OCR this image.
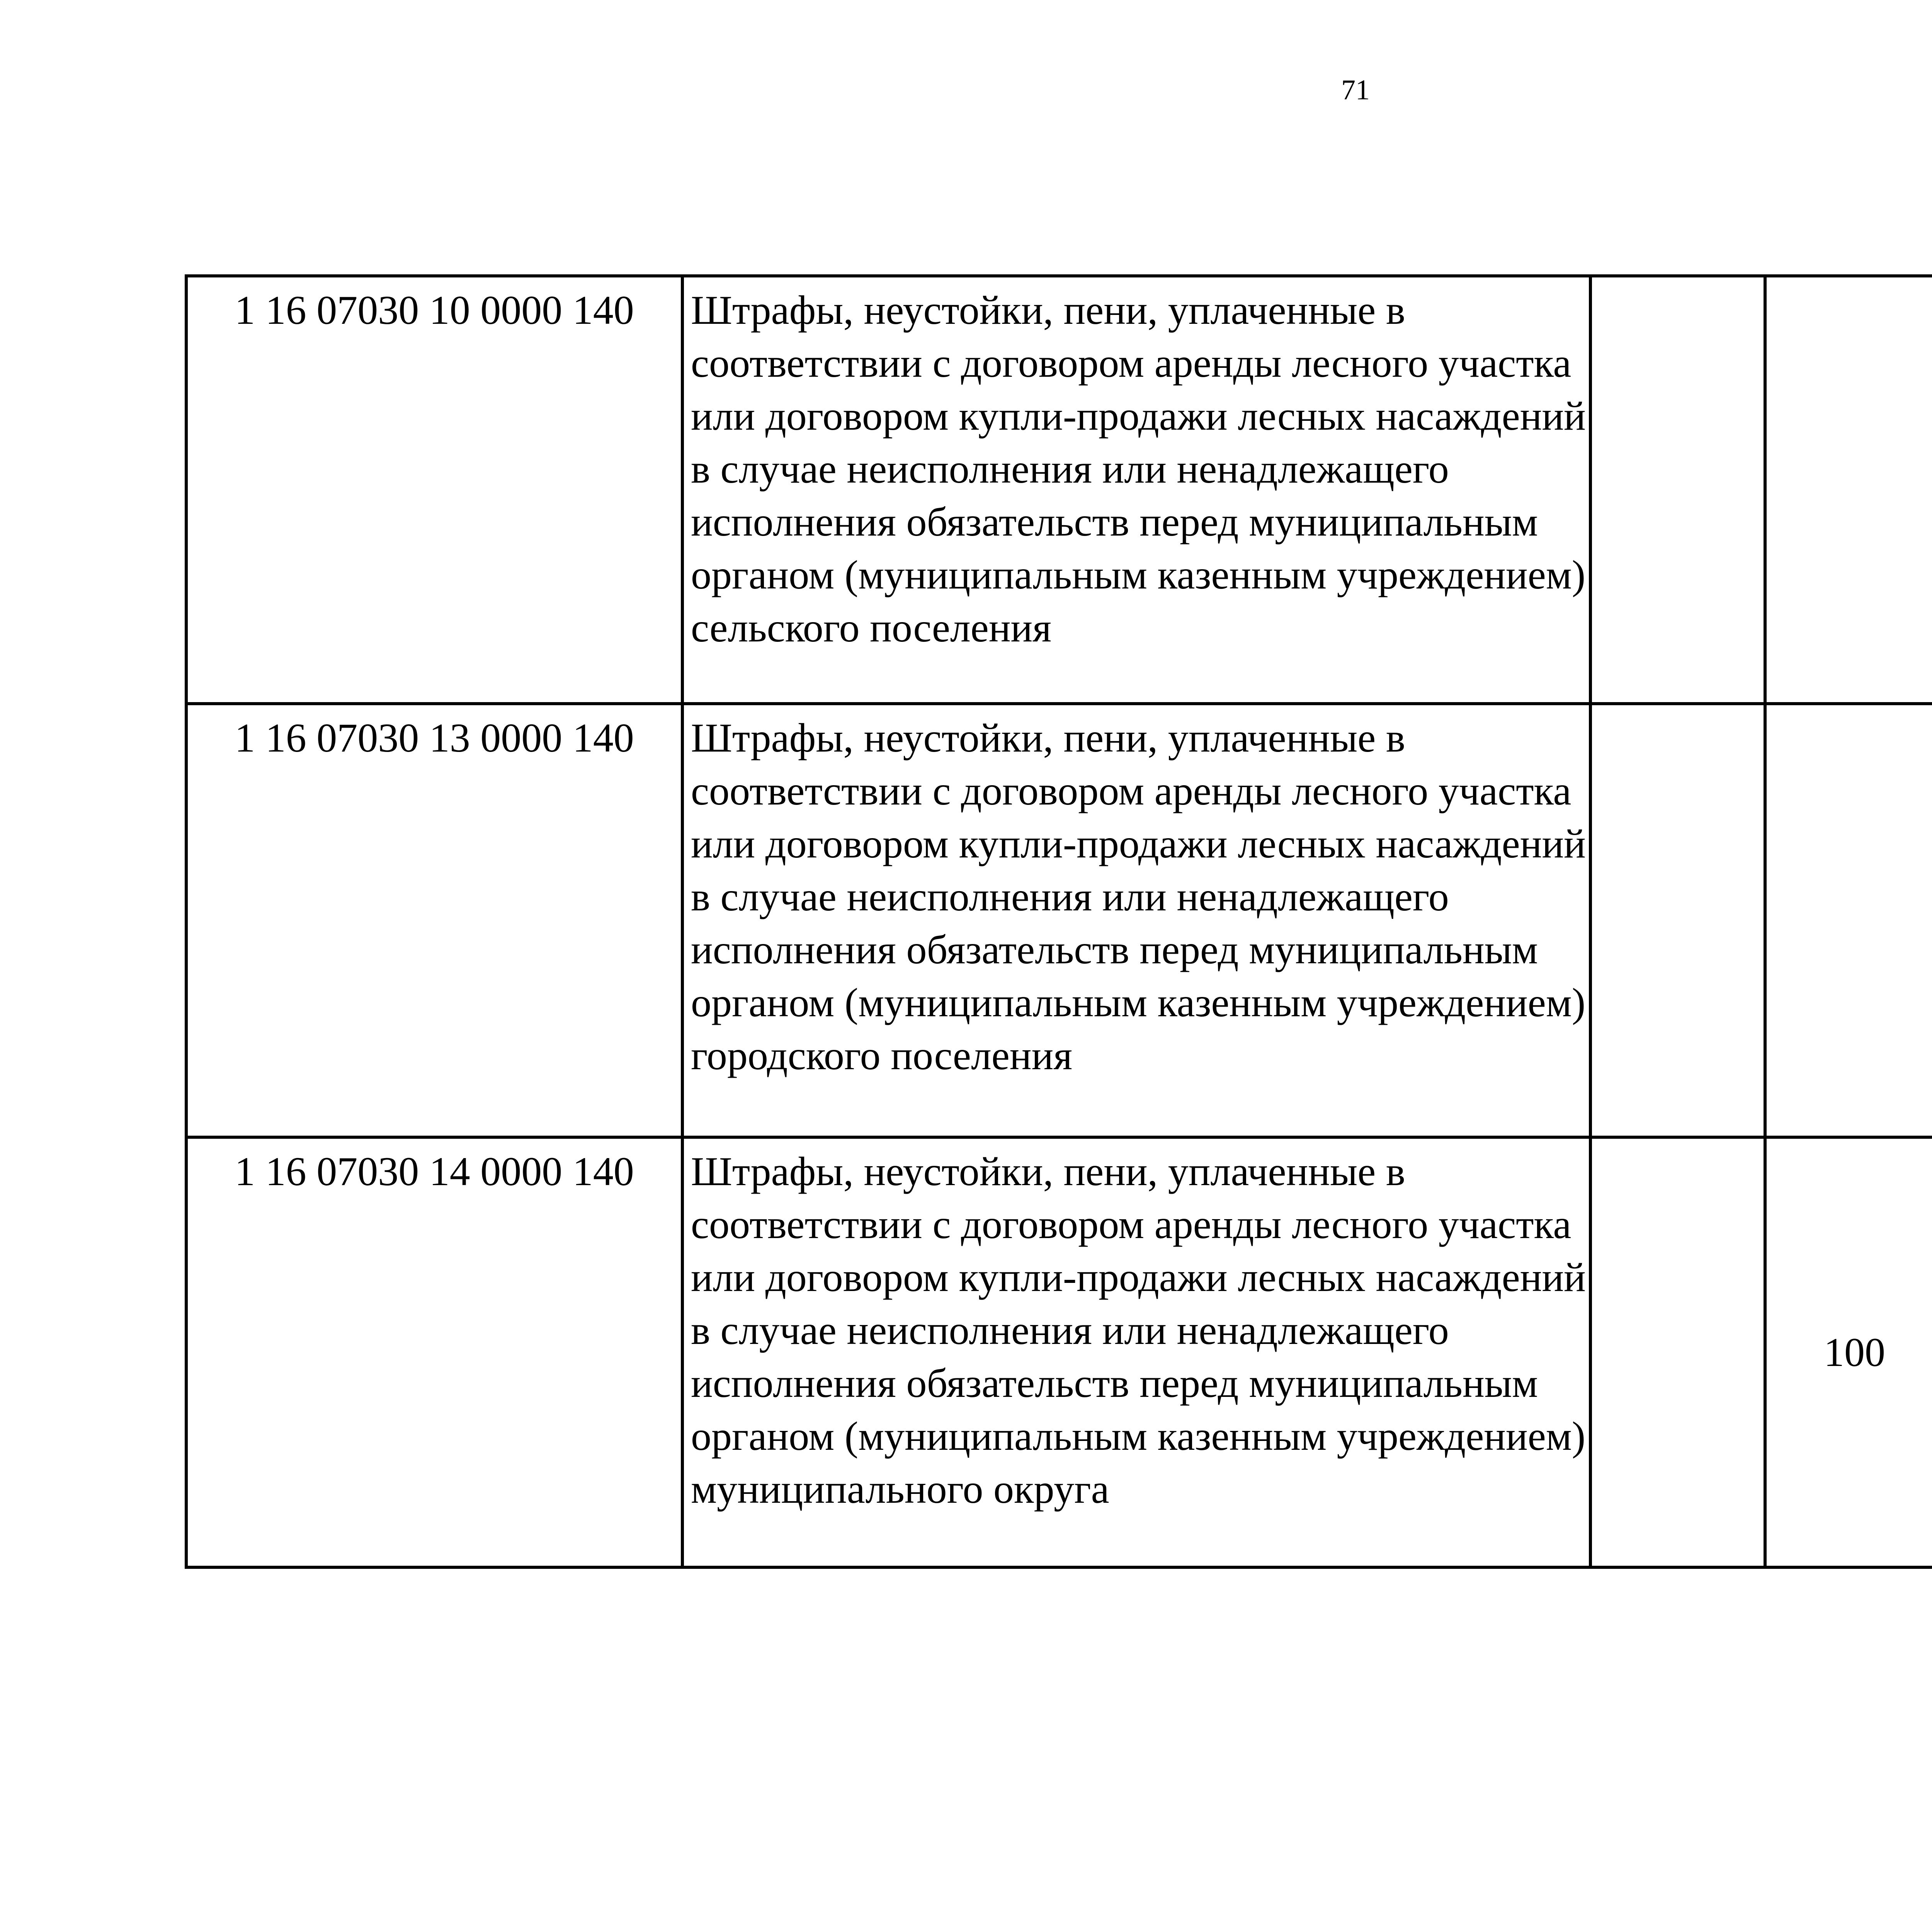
71
1 16 07030 10 0000 140	Штрафы, неустойки, пени, уплаченные в соответствии с договором аренды лесного участка или договором купли-продажи лесных насаждений в случае неисполнения или ненадлежащего исполнения обязательств перед муниципальным органом (муниципальным казенным учреждением) сельского поселения					
1 16 07030 13 0000 140	Штрафы, неустойки, пени, уплаченные в соответствии с договором аренды лесного участка или договором купли-продажи лесных насаждений в случае неисполнения или ненадлежащего исполнения обязательств перед муниципальным органом (муниципальным казенным учреждением) городского поселения					
1 16 07030 14 0000 140	Штрафы, неустойки, пени, уплаченные в соответствии с договором аренды лесного участка или договором купли-продажи лесных насаждений в случае неисполнения или ненадлежащего исполнения обязательств перед муниципальным органом (муниципальным казенным учреждением) муниципального округа		100			
